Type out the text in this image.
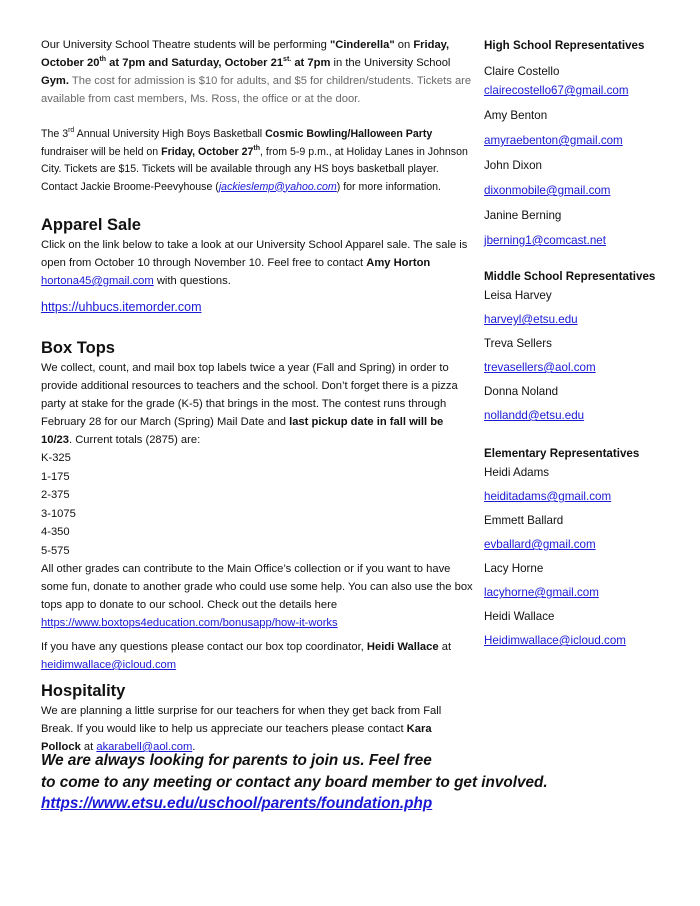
Our University School Theatre students will be performing "Cinderella" on Friday, October 20th at 7pm and Saturday, October $21^{st.}$ at 7pm in the University School Gym. The cost for admission is $10 for adults, and $5 for children/students. Tickets are available from cast members, Ms. Ross, the office or at the door.

The 3rd Annual University High Boys Basketball Cosmic Bowling/Halloween Party fundraiser will be held on Friday, October 27th, from 5-9 p.m., at Holiday Lanes in Johnson City. Tickets are $15. Tickets will be available through any HS boys basketball player. Contact Jackie Broome-Peevyhouse (jackieslemp@yahoo.com) for more information.

Apparel Sale

Click on the link below to take a look at our University School Apparel sale. The sale is open from October 10 through November 10. Feel free to contact Amy Horton hortona45@gmail.com with questions.

https://uhbucs.itemorder.com

Box Tops

We collect, count, and mail box top labels twice a year (Fall and Spring) in order to provide additional resources to teachers and the school. Don’t forget there is a pizza party at stake for the grade (K-5) that brings in the most. The contest runs through February 28 for our March (Spring) Mail Date and last pickup date in fall will be 10/23. Current totals (2875) are:

K-325
1-175
2-375
3-1075
4-350
5-575

All other grades can contribute to the Main Office’s collection or if you want to have some fun, donate to another grade who could use some help. You can also use the box tops app to donate to our school. Check out the details here
https://www.boxtops4education.com/bonusapp/how-it-works

If you have any questions please contact our box top coordinator, Heidi Wallace at
heidimwallace@icloud.com

Hospitality

We are planning a little surprise for our teachers for when they get back from Fall Break. If you would like to help us appreciate our teachers please contact Kara Pollock at akarabell@aol.com.

We are always looking for parents to join us. Feel free
to come to any meeting or contact any board member to get involved.
https://www.etsu.edu/uschool/parents/foundation.php
High School Representatives
Claire Costello
clairecostello67@gmail.com
Amy Benton
amyraebenton@gmail.com
John Dixon
dixonmobile@gmail.com
Janine Berning
jberning1@comcast.net
Middle School Representatives
Leisa Harvey
harveyl@etsu.edu
Treva Sellers
trevasellers@aol.com
Donna Noland
nollandd@etsu.edu
Elementary Representatives
Heidi Adams
heiditadams@gmail.com
Emmett Ballard
evballard@gmail.com
Lacy Horne
lacyhorne@gmail.com
Heidi Wallace
Heidimwallace@icloud.com
